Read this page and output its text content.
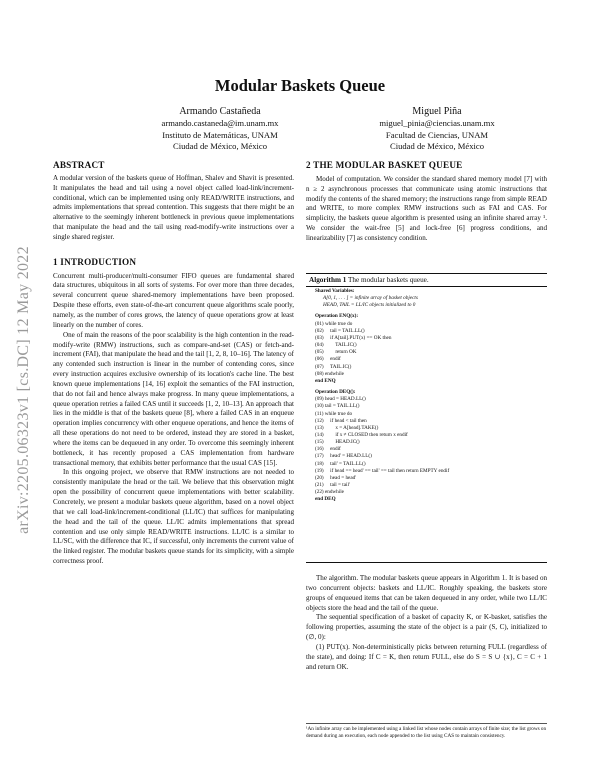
arXiv:2205.06323v1 [cs.DC] 12 May 2022
Modular Baskets Queue
Armando Castañeda
armando.castaneda@im.unam.mx
Instituto de Matemáticas, UNAM
Ciudad de México, México
Miguel Piña
miguel_pinia@ciencias.unam.mx
Facultad de Ciencias, UNAM
Ciudad de México, México
ABSTRACT

A modular version of the baskets queue of Hoffman, Shalev and Shavit is presented. It manipulates the head and tail using a novel object called load-link/increment-conditional, which can be implemented using only READ/WRITE instructions, and admits implementations that spread contention. This suggests that there might be an alternative to the seemingly inherent bottleneck in previous queue implementations that manipulate the head and the tail using read-modify-write instructions over a single shared register.

1 INTRODUCTION

Concurrent multi-producer/multi-consumer FIFO queues are fundamental shared data structures, ubiquitous in all sorts of systems. For over more than three decades, several concurrent queue shared-memory implementations have been proposed. Despite these efforts, even state-of-the-art concurrent queue algorithms scale poorly, namely, as the number of cores grows, the latency of queue operations grow at least linearly on the number of cores.

One of main the reasons of the poor scalability is the high contention in the read-modify-write (RMW) instructions, such as compare-and-set (CAS) or fetch-and-increment (FAI), that manipulate the head and the tail [1, 2, 8, 10–16]. The latency of any contended such instruction is linear in the number of contending cores, since every instruction acquires exclusive ownership of its location's cache line. The best known queue implementations [14, 16] exploit the semantics of the FAI instruction, that do not fail and hence always make progress. In many queue implementations, a queue operation retries a failed CAS until it succeeds [1, 2, 10–13]. An approach that lies in the middle is that of the baskets queue [8], where a failed CAS in an enqueue operation implies concurrency with other enqueue operations, and hence the items of all these operations do not need to be ordered, instead they are stored in a basket, where the items can be dequeued in any order. To overcome this seemingly inherent bottleneck, it has recently proposed a CAS implementation from hardware transactional memory, that exhibits better performance that the usual CAS [15].

In this ongoing project, we observe that RMW instructions are not needed to consistently manipulate the head or the tail. We believe that this observation might open the possibility of concurrent queue implementations with better scalability. Concretely, we present a modular baskets queue algorithm, based on a novel object that we call load-link/increment-conditional (LL/IC) that suffices for manipulating the head and the tail of the queue. LL/IC admits implementations that spread contention and use only simple READ/WRITE instructions. LL/IC is a similar to LL/SC, with the difference that IC, if successful, only increments the current value of the linked register. The modular baskets queue stands for its simplicity, with a simple correctness proof.

2 THE MODULAR BASKET QUEUE

Model of computation. We consider the standard shared memory model [7] with n ≥ 2 asynchronous processes that communicate using atomic instructions that modify the contents of the shared memory; the instructions range from simple READ and WRITE, to more complex RMW instructions such as FAI and CAS. For simplicity, the baskets queue algorithm is presented using an infinite shared array ¹. We consider the wait-free [5] and lock-free [6] progress conditions, and linearizability [7] as consistency condition.

Algorithm 1 The modular baskets queue.
Shared Variables:
A[0, 1, . . . ] = infinite array of basket objects
HEAD, TAIL = LL/IC objects initialized to 0
Operation ENQ(x):
(01) while true do
(02)     tail = TAIL.LL()
(03)     if A[tail].PUT(x) == OK then
(04)         TAIL.IC()
(05)         return OK
(06)     endif
(07)     TAIL.IC()
(08) endwhile
end ENQ
Operation DEQ():
(09) head = HEAD.LL()
(10) tail = TAIL.LL()
(11) while true do
(12)     if head < tail then
(13)         x = A[head].TAKE()
(14)         if x ≠ CLOSED then return x endif
(15)         HEAD.IC()
(16)     endif
(17)     head' = HEAD.LL()
(18)     tail' = TAIL.LL()
(19)     if head == head' == tail' == tail then return EMPTY endif
(20)     head = head'
(21)     tail = tail'
(22) endwhile
end DEQ

The algorithm. The modular baskets queue appears in Algorithm 1. It is based on two concurrent objects: baskets and LL/IC. Roughly speaking, the baskets store groups of enqueued items that can be taken dequeued in any order, while two LL/IC objects store the head and the tail of the queue.

The sequential specification of a basket of capacity K, or K-basket, satisfies the following properties, assuming the state of the object is a pair (S, C), initialized to (∅, 0):

(1) PUT(x). Non-deterministically picks between returning FULL (regardless of the state), and doing: If C = K, then return FULL, else do S = S ∪ {x}, C = C + 1 and return OK.

¹An infinite array can be implemented using a linked list whose nodes contain arrays of finite size; the list grows on demand during an execution, each node appended to the list using CAS to maintain consistency.
